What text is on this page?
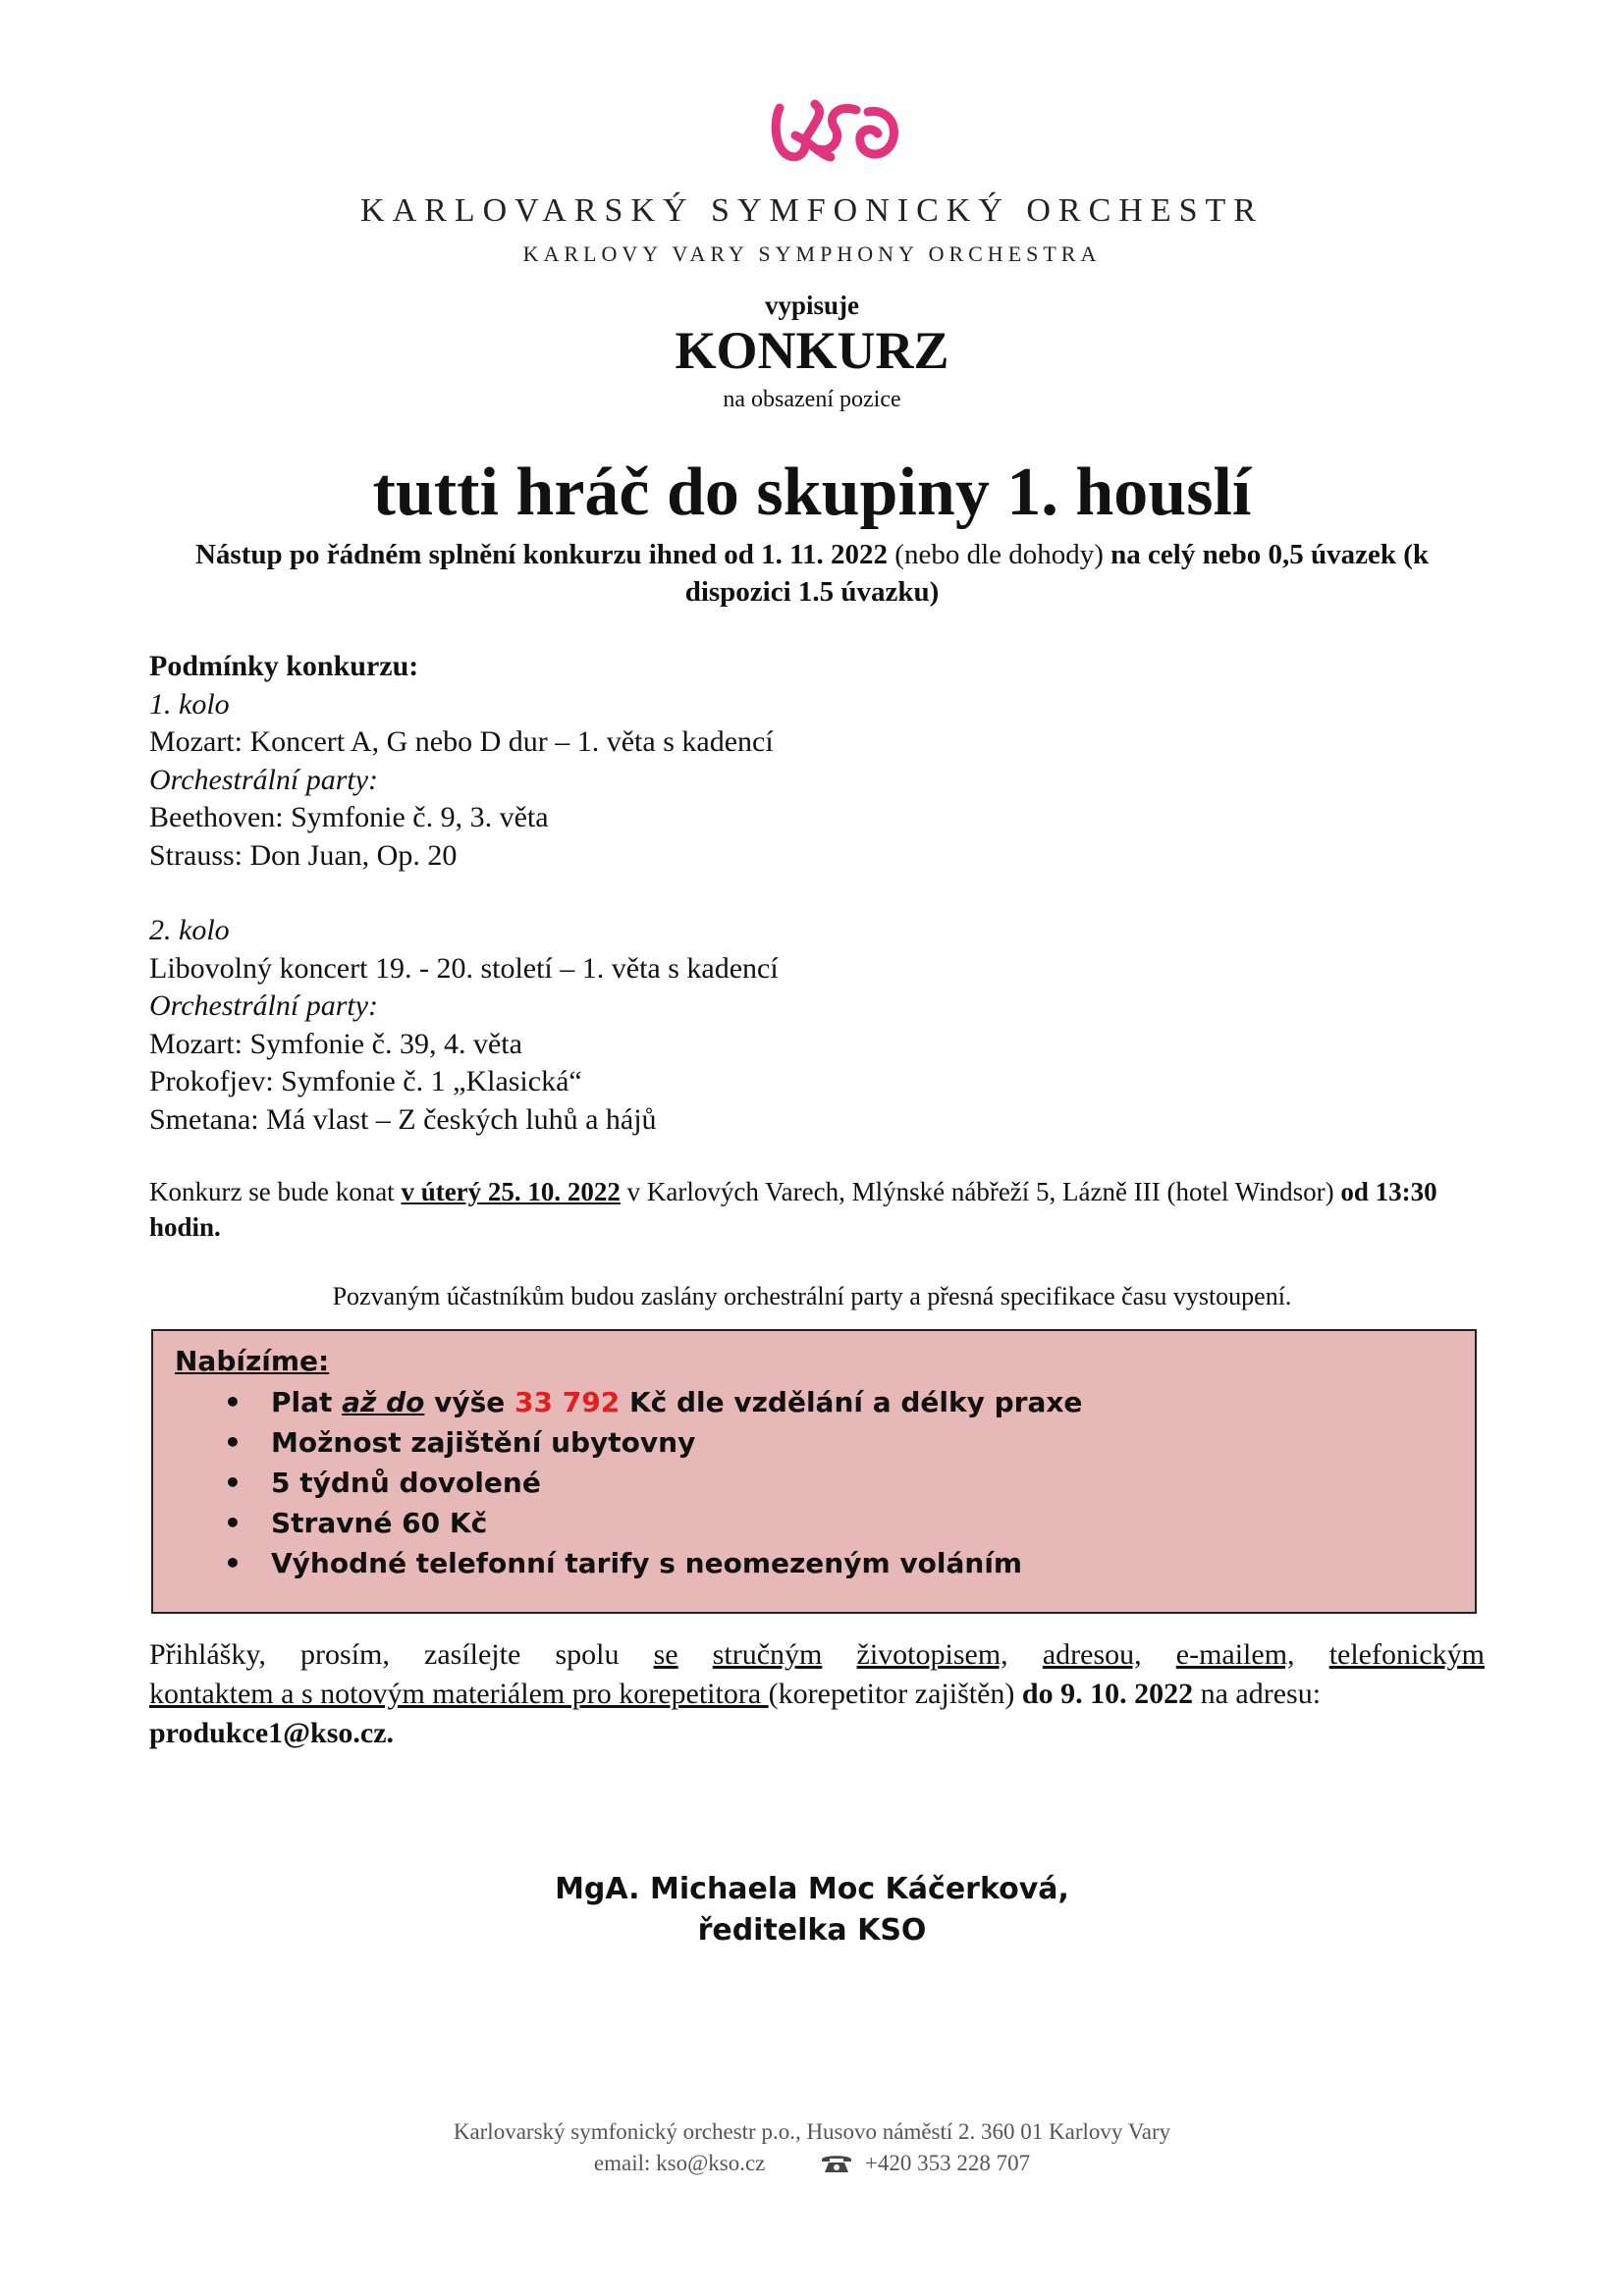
KARLOVARSKÝ SYMFONICKÝ ORCHESTR
KARLOVY VARY SYMPHONY ORCHESTRA
vypisuje
KONKURZ
na obsazení pozice
tutti hráč do skupiny 1. houslí
Nástup po řádném splnění konkurzu ihned od 1. 11. 2022 (nebo dle dohody) na celý nebo 0,5 úvazek (k dispozici 1.5 úvazku)
Podmínky konkurzu:
1. kolo
Mozart: Koncert A, G nebo D dur – 1. věta s kadencí
Orchestrální party:
Beethoven: Symfonie č. 9, 3. věta
Strauss: Don Juan, Op. 20
2. kolo
Libovolný koncert 19. - 20. století – 1. věta s kadencí
Orchestrální party:
Mozart: Symfonie č. 39, 4. věta
Prokofjev: Symfonie č. 1 „Klasická“
Smetana: Má vlast – Z českých luhů a hájů
Konkurz se bude konat v úterý 25. 10. 2022 v Karlových Varech, Mlýnské nábřeží 5, Lázně III (hotel Windsor) od 13:30 hodin.
Pozvaným účastníkům budou zaslány orchestrální party a přesná specifikace času vystoupení.
Nabízíme:
• Plat až do výše 33 792 Kč dle vzdělání a délky praxe
• Možnost zajištění ubytovny
• 5 týdnů dovolené
• Stravné 60 Kč
• Výhodné telefonní tarify s neomezeným voláním
Přihlášky, prosím, zasílejte spolu se stručným životopisem, adresou, e-mailem, telefonickým
kontaktem a s notovým materiálem pro korepetitora (korepetitor zajištěn) do 9. 10. 2022 na adresu:
produkce1@kso.cz.
MgA. Michaela Moc Káčerková,
ředitelka KSO
Karlovarský symfonický orchestr p.o., Husovo náměstí 2. 360 01 Karlovy Vary
email: kso@kso.cz	+420 353 228 707
